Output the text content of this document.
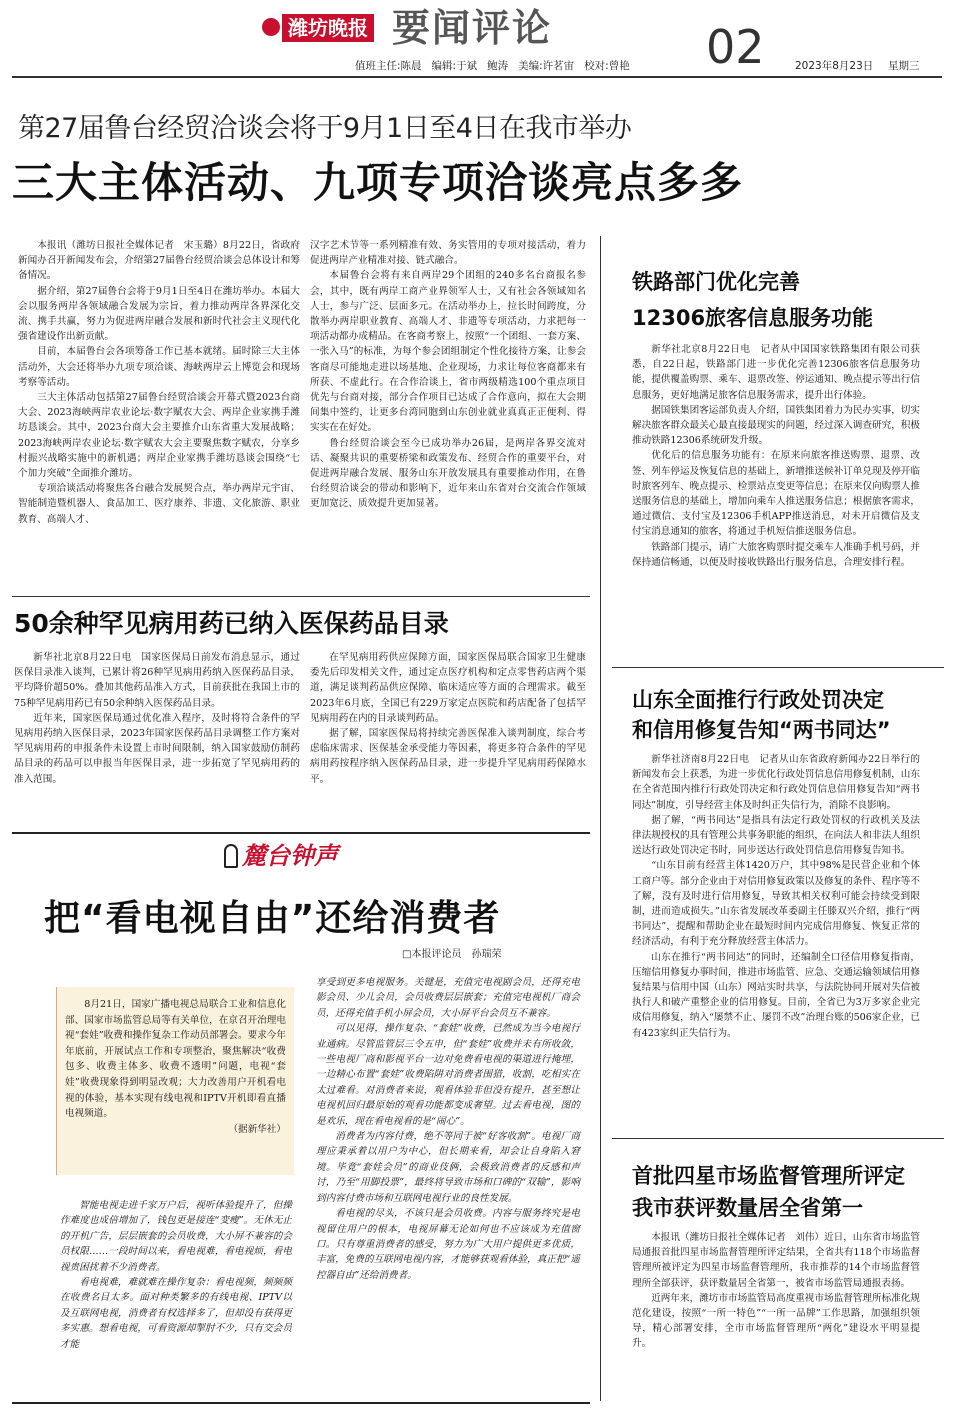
潍坊晚报 要闻评论	02
值班主任:陈晨   编辑:于斌   鲍涛   美编:许茗宙   校对:曾艳	2023年8月23日 星期三
第27届鲁台经贸洽谈会将于9月1日至4日在我市举办
三大主体活动、九项专项洽谈亮点多多

本报讯（潍坊日报社全媒体记者　宋玉璐）8月22日，省政府新闻办召开新闻发布会，介绍第27届鲁台经贸洽谈会总体设计和筹备情况。

据介绍，第27届鲁台会将于9月1日至4日在潍坊举办。本届大会以服务两岸各领域融合发展为宗旨，着力推动两岸各界深化交流、携手共赢，努力为促进两岸融合发展和新时代社会主义现代化强省建设作出新贡献。

目前，本届鲁台会各项筹备工作已基本就绪。届时除三大主体活动外，大会还将举办九项专项洽谈、海峡两岸云上博览会和现场考察等活动。

三大主体活动包括第27届鲁台经贸洽谈会开幕式暨2023台商大会、2023海峡两岸农业论坛·数字赋农大会、两岸企业家携手潍坊恳谈会。其中，2023台商大会主要推介山东省重大发展战略；2023海峡两岸农业论坛·数字赋农大会主要聚焦数字赋农，分享乡村振兴战略实施中的新机遇；两岸企业家携手潍坊恳谈会围绕“七个加力突破”全面推介潍坊。

专项洽谈活动将聚焦各台融合发展契合点，举办两岸元宇宙、智能制造暨机器人、食品加工、医疗康养、非遗、文化旅游、职业教育、高端人才、

汉字艺术节等一系列精准有效、务实管用的专项对接活动，着力促进两岸产业精准对接、链式融合。

本届鲁台会将有来自两岸29个团组的240多名台商报名参会，其中，既有两岸工商产业界领军人士，又有社会各领域知名人士，参与广泛、层面多元。在活动举办上，拉长时间跨度，分散举办两岸职业教育、高端人才、非遗等专项活动，力求把每一项活动都办成精品。在客商考察上，按照“一个团组、一套方案、一张入马”的标准，为每个参会团组制定个性化接待方案，让参会客商尽可能地走进以场基地、企业现场，力求让每位客商都来有所获、不虚此行。在合作洽谈上，省市两级精选100个重点项目优先与台商对接，部分合作项目已达成了合作意向，拟在大会期间集中签约，让更多台湾同胞到山东创业就业真真正正便利、得实实在在好处。

鲁台经贸洽谈会至今已成功举办26届，是两岸各界交流对话、凝聚共识的重要桥梁和政策发布、经贸合作的重要平台，对促进两岸融合发展、服务山东开放发展具有重要推动作用，在鲁台经贸洽谈会的带动和影响下，近年来山东省对台交流合作领域更加宽泛、质效提升更加显著。

50余种罕见病用药已纳入医保药品目录

新华社北京8月22日电　国家医保局日前发布消息显示，通过医保目录准入谈判，已累计将26种罕见病用药纳入医保药品目录，平均降价超50%。叠加其他药品准入方式，目前获批在我国上市的75种罕见病用药已有50余种纳入医保药品目录。

近年来，国家医保局通过优化准入程序，及时将符合条件的罕见病用药纳入医保目录，2023年国家医保药品目录调整工作方案对罕见病用药的申报条件未设置上市时间限制，纳入国家鼓励仿制药品目录的药品可以申报当年医保目录，进一步拓宽了罕见病用药的准入范围。

在罕见病用药供应保障方面，国家医保局联合国家卫生健康委先后印发相关文件，通过定点医疗机构和定点零售药店两个渠道，满足谈判药品供应保障、临床适应等方面的合理需求。截至2023年6月底，全国已有229万家定点医院和药店配备了包括罕见病用药在内的目录谈判药品。

据了解，国家医保局将持续完善医保准入谈判制度，综合考虑临床需求、医保基金承受能力等因素，将更多符合条件的罕见病用药按程序纳入医保药品目录，进一步提升罕见病用药保障水平。

麓台钟声
把“看电视自由”还给消费者
□本报评论员　孙瑞荣
8月21日，国家广播电视总局联合工业和信息化部、国家市场监管总局等有关单位，在京召开治理电视“套娃”收费和操作复杂工作动员部署会。要求今年年底前，开展试点工作和专项整治，聚焦解决“收费包多、收费主体多、收费不透明”问题，电视“套娃”收费现象得到明显改观；大力改善用户开机看电视的体验，基本实现有线电视和IPTV开机即看直播电视频道。
（据新华社）

智能电视走进千家万户后，视听体验提升了，但操作难度也成倍增加了，钱包更是接连“变瘦”。无休无止的开机广告，层层嵌套的会员收费，大小屏不兼容的会员权限……一段时间以来，看电视难，看电视烦，看电视贵困扰着不少消费者。

看电视难，难就难在操作复杂：看电视频，频频频在收费名目太多。面对种类繁多的有线电视、IPTV以及互联网电视，消费者有权选择多了，但却没有获得更多实惠。想看电视，可看资源却掣肘不少，只有交会员才能

享受到更多电视服务。关键是，充值完电视剧会员，还得充电影会员、少儿会员，会员收费层层嵌套；充值完电视机厂商会员，还得充值手机小屏会员，大小屏平台会员互不兼容。

可以见得，操作复杂、“套娃”收费，已然成为当今电视行业通病。尽管监管层三令五申，但“套娃”收费并未有所收敛，一些电视厂商和影视平台一边对免费看电视的渠道进行掩埋，一边精心布置“套娃”收费陷阱对消费者围猎，收割，吃相实在太过难看。对消费者来说，观看体验非但没有提升，甚至想让电视机回归最原始的观看功能都变成奢望。过去看电视，图的是欢乐，现在看电视看的是“闹心”。

消费者为内容付费，绝不等同于被“好客收割”。电视厂商理应秉承着以用户为中心，但长期来看，却会让自身陷入窘境。毕竟“套娃会员”的商业伎俩，会极致消费者的反感和声讨，乃至“用脚投票”，最终将导致市场和口碑的“双输”，影响到内容付费市场和互联网电视行业的良性发展。

看电视的尽头，不该只是会员收费。内容与服务终究是电视留住用户的根本，电视屏幕无论如何也不应该成为充值窗口。只有尊重消费者的感受，努力为广大用户提供更多优质，丰富，免费的互联网电视内容，才能够获观看体验，真正把“遥控器自由”还给消费者。

铁路部门优化完善
12306旅客信息服务功能

新华社北京8月22日电　记者从中国国家铁路集团有限公司获悉，自22日起，铁路部门进一步优化完善12306旅客信息服务功能，提供覆盖购票、乘车、退票改签、停运通知、晚点提示等出行信息服务，更好地满足旅客信息服务需求，提升出行体验。

据国铁集团客运部负责人介绍，国铁集团着力为民办实事，切实解决旅客群众最关心最直接最现实的问题，经过深入调查研究，积极推动铁路12306系统研发升级。

优化后的信息服务功能有：在原来向旅客推送购票、退票、改签、列车停运及恢复信息的基础上，新增推送候补订单兑现及停开临时旅客列车、晚点提示、检票站点变更等信息；在原来仅向购票人推送服务信息的基础上，增加向乘车人推送服务信息；根据旅客需求，通过微信、支付宝及12306手机APP推送消息，对未开启微信及支付宝消息通知的旅客，将通过手机短信推送服务信息。

铁路部门提示，请广大旅客购票时提交乘车人准确手机号码，并保持通信畅通，以便及时接收铁路出行服务信息，合理安排行程。

山东全面推行行政处罚决定
和信用修复告知“两书同达”

新华社济南8月22日电　记者从山东省政府新闻办22日举行的新闻发布会上获悉，为进一步优化行政处罚信息信用修复机制，山东在全省范围内推行行政处罚决定和行政处罚信息信用修复告知“两书同达”制度，引导经营主体及时纠正失信行为，消除不良影响。

据了解，“两书同达”是指具有法定行政处罚权的行政机关及法律法规授权的具有管理公共事务职能的组织，在向法人和非法人组织送达行政处罚决定书时，同步送达行政处罚信息信用修复告知书。

“山东目前有经营主体1420万户，其中98%是民营企业和个体工商户等。部分企业由于对信用修复政策以及修复的条件、程序等不了解，没有及时进行信用修复，导致其相关权利可能会持续受到限制，进而造成损失。”山东省发展改革委副主任滕双兴介绍，推行“两书同达”，提醒和帮助企业在最短时间内完成信用修复、恢复正常的经济活动，有利于充分释放经营主体活力。

山东在推行“两书同达”的同时，还编制全口径信用修复指南，压缩信用修复办事时间，推进市场监管、应急、交通运输领域信用修复结果与信用中国（山东）网站实时共享，与法院协同开展对失信被执行人和破产重整企业的信用修复。目前，全省已为3万多家企业完成信用修复，纳入“屡禁不止、屡罚不改”治理台账的506家企业，已有423家纠正失信行为。

首批四星市场监督管理所评定
我市获评数量居全省第一

本报讯（潍坊日报社全媒体记者　刘伟）近日，山东省市场监管局通报首批四星市场监督管理所评定结果，全省共有118个市场监督管理所被评定为四星市场监督管理所，我市推荐的14个市场监督管理所全部获评，获评数量居全省第一，被省市场监管局通报表扬。

近两年来，潍坊市市场监管局高度重视市场监督管理所标准化规范化建设，按照“一所一特色”“一所一品牌”工作思路，加强组织领导，精心部署安排，全市市场监督管理所“两化”建设水平明显提升。
